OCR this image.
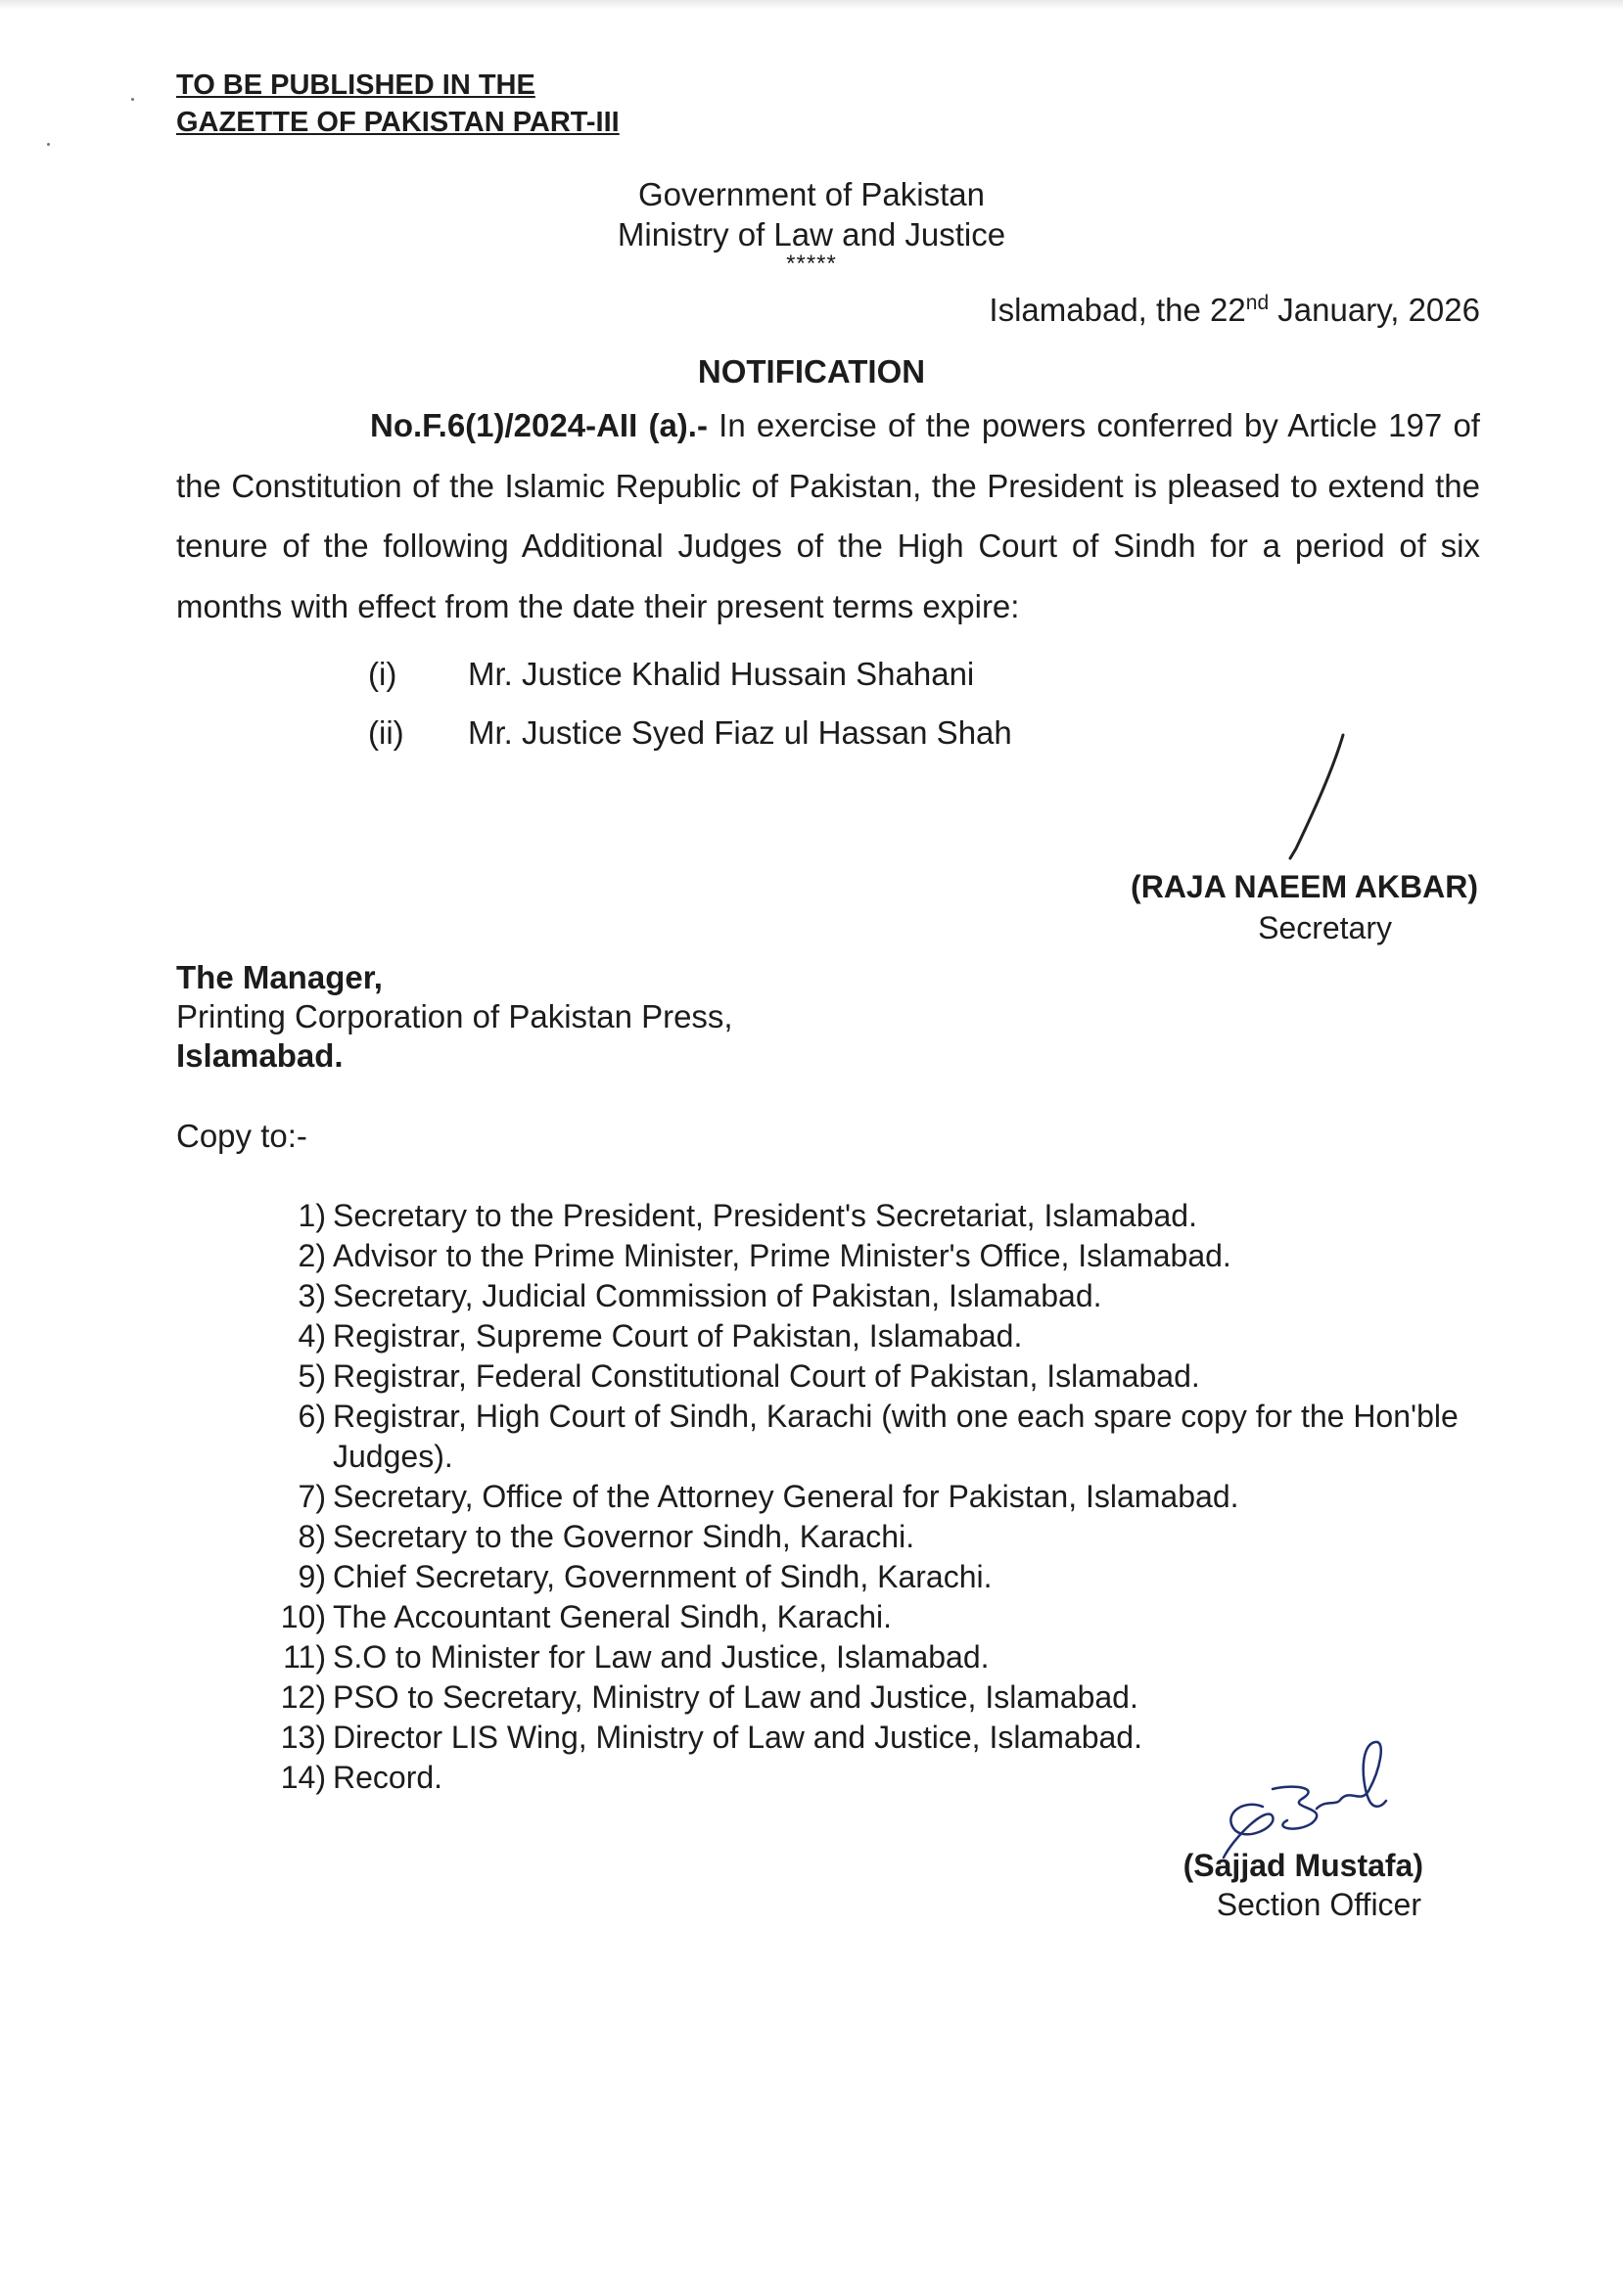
TO BE PUBLISHED IN THE
GAZETTE OF PAKISTAN PART-III
Government of Pakistan
Ministry of Law and Justice
*****
Islamabad, the 22nd January, 2026
NOTIFICATION
No.F.6(1)/2024-AII (a).- In exercise of the powers conferred by Article 197 of the Constitution of the Islamic Republic of Pakistan, the President is pleased to extend the tenure of the following Additional Judges of the High Court of Sindh for a period of six months with effect from the date their present terms expire:
(i) Mr. Justice Khalid Hussain Shahani
(ii) Mr. Justice Syed Fiaz ul Hassan Shah
(RAJA NAEEM AKBAR)
Secretary
The Manager,
Printing Corporation of Pakistan Press,
Islamabad.
Copy to:-
1) Secretary to the President, President's Secretariat, Islamabad.
2) Advisor to the Prime Minister, Prime Minister's Office, Islamabad.
3) Secretary, Judicial Commission of Pakistan, Islamabad.
4) Registrar, Supreme Court of Pakistan, Islamabad.
5) Registrar, Federal Constitutional Court of Pakistan, Islamabad.
6) Registrar, High Court of Sindh, Karachi (with one each spare copy for the Hon'ble Judges).
7) Secretary, Office of the Attorney General for Pakistan, Islamabad.
8) Secretary to the Governor Sindh, Karachi.
9) Chief Secretary, Government of Sindh, Karachi.
10) The Accountant General Sindh, Karachi.
11) S.O to Minister for Law and Justice, Islamabad.
12) PSO to Secretary, Ministry of Law and Justice, Islamabad.
13) Director LIS Wing, Ministry of Law and Justice, Islamabad.
14) Record.
(Sajjad Mustafa)
Section Officer
